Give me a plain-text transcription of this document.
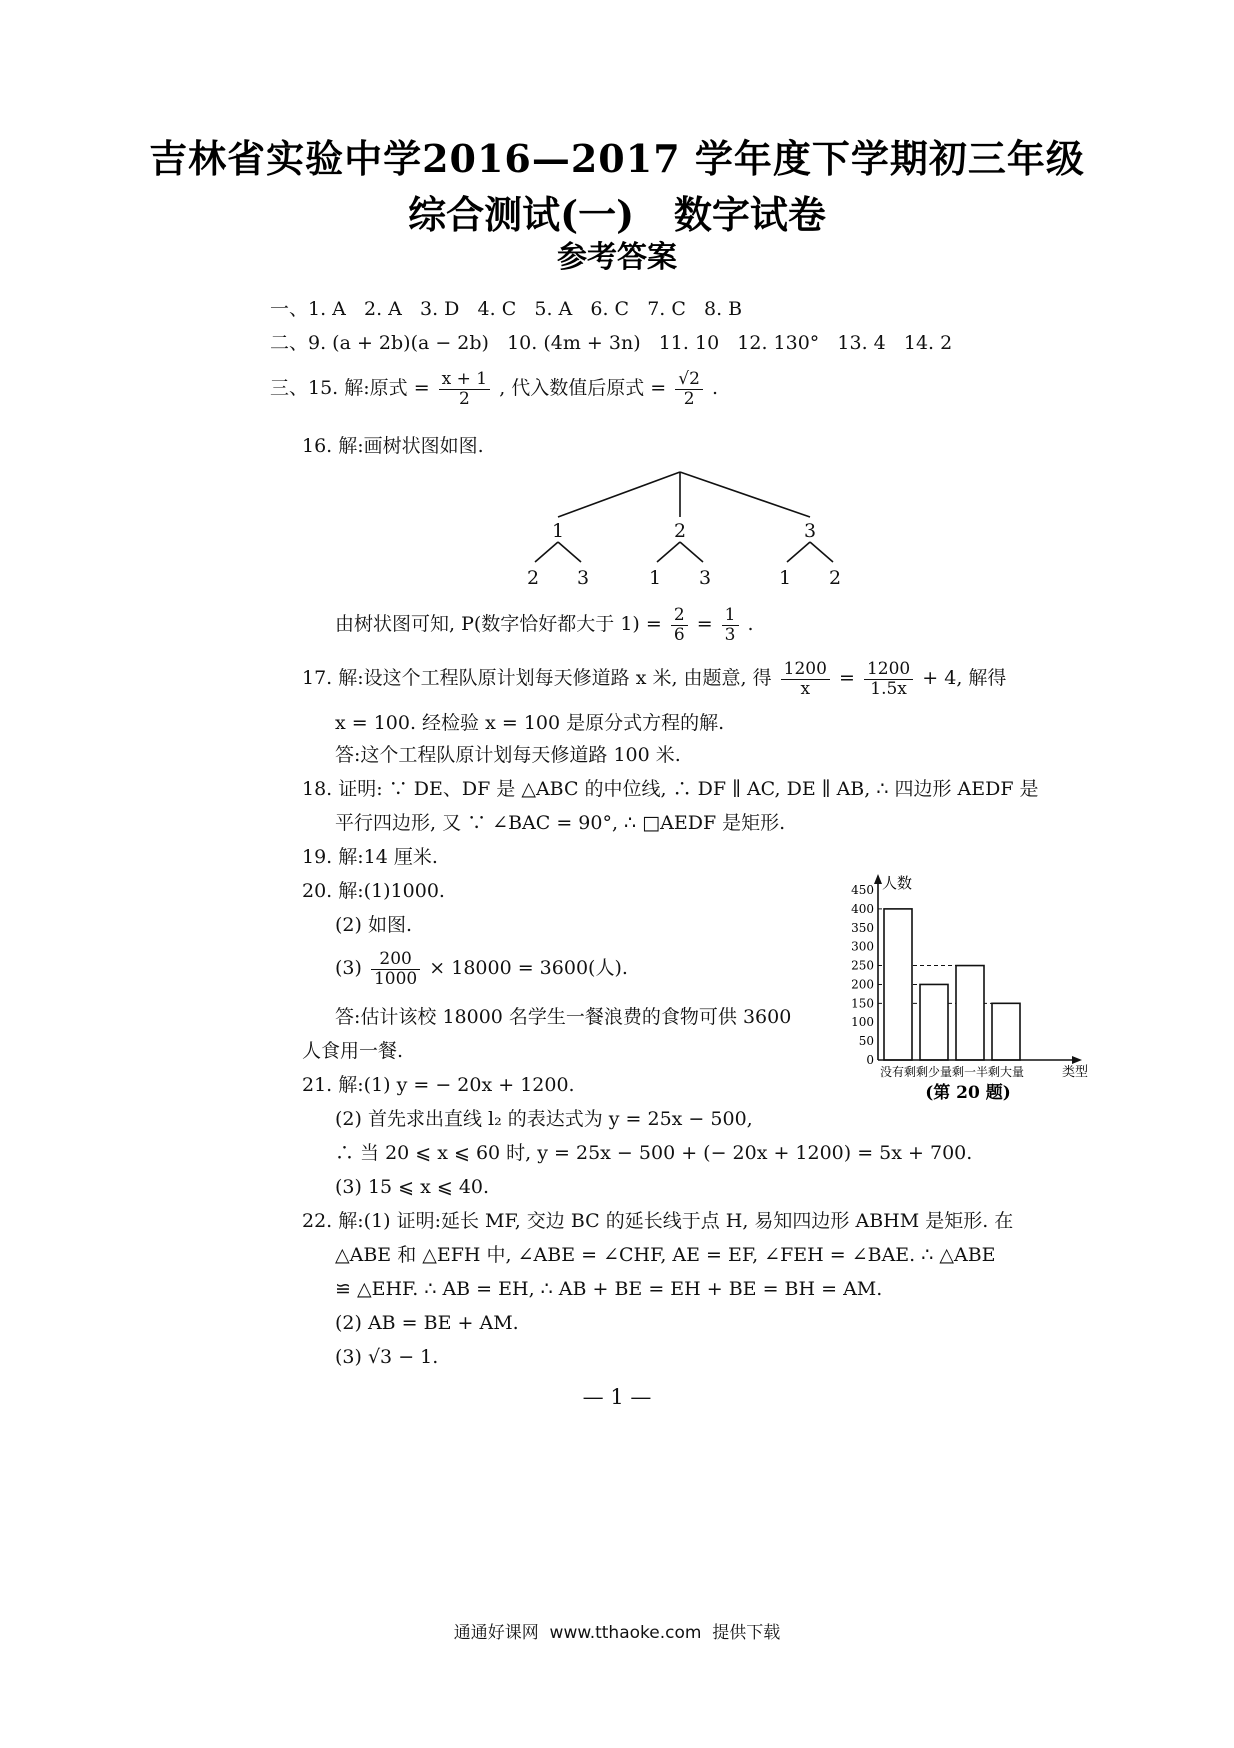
吉林省实验中学2016—2017 学年度下学期初三年级
综合测试(一)   数字试卷
参考答案
一、1. A   2. A   3. D   4. C   5. A   6. C   7. C   8. B
二、9. (a + 2b)(a − 2b)   10. (4m + 3n)   11. 10   12. 130°   13. 4   14. 2
三、15. 解:原式 = $\frac{x + 1}{2}$ , 代入数值后原式 = $\frac{√2}{2}$ .
16. 解:画树状图如图.
1	2	3
2 3	1 3	1 2
由树状图可知, P(数字恰好都大于 $1) = \frac{2}{6} = \frac{1}{3}$ .
17. 解:设这个工程队原计划每天修道路 x 米, 由题意, 得 $\frac{1200}{x} = \frac{1200}{1.5x} + 4$, 解得
x = 100. 经检验 x = 100 是原分式方程的解.
答:这个工程队原计划每天修道路 100 米.
18. 证明: ∵ DE、DF 是 △ABC 的中位线, ∴ DF ∥ AC, DE ∥ AB, ∴ 四边形 AEDF 是
平行四边形, 又 ∵ ∠BAC = 90°, ∴ □AEDF 是矩形.
19. 解:14 厘米.
20. 解:(1)1000.
(2) 如图.
$(3) \frac{200}{1000} \times 18000 = 3600$(人).
答:估计该校 18000 名学生一餐浪费的食物可供 3600
人食用一餐.	0
50
100
150
200
250
300
350
400
450
没有剩 剩少量 剩一半 剩大量
人数
类型
(第 20 题)
21. 解:(1) y = − 20x + 1200.
(2) 首先求出直线 l₂ 的表达式为 y = 25x − 500,
∴ 当 20 ⩽ x ⩽ 60 时, y = 25x − 500 + (− 20x + 1200) = 5x + 700.
(3) 15 ⩽ x ⩽ 40.
22. 解:(1) 证明:延长 MF, 交边 BC 的延长线于点 H, 易知四边形 ABHM 是矩形. 在
△ABE 和 △EFH 中, ∠ABE = ∠CHF, AE = EF, ∠FEH = ∠BAE. ∴ △ABE
≌ △EHF. ∴ AB = EH, ∴ AB + BE = EH + BE = BH = AM.
(2) AB = BE + AM.
(3) √3 − 1.
— 1 —
通通好课网  www.tthaoke.com  提供下载
